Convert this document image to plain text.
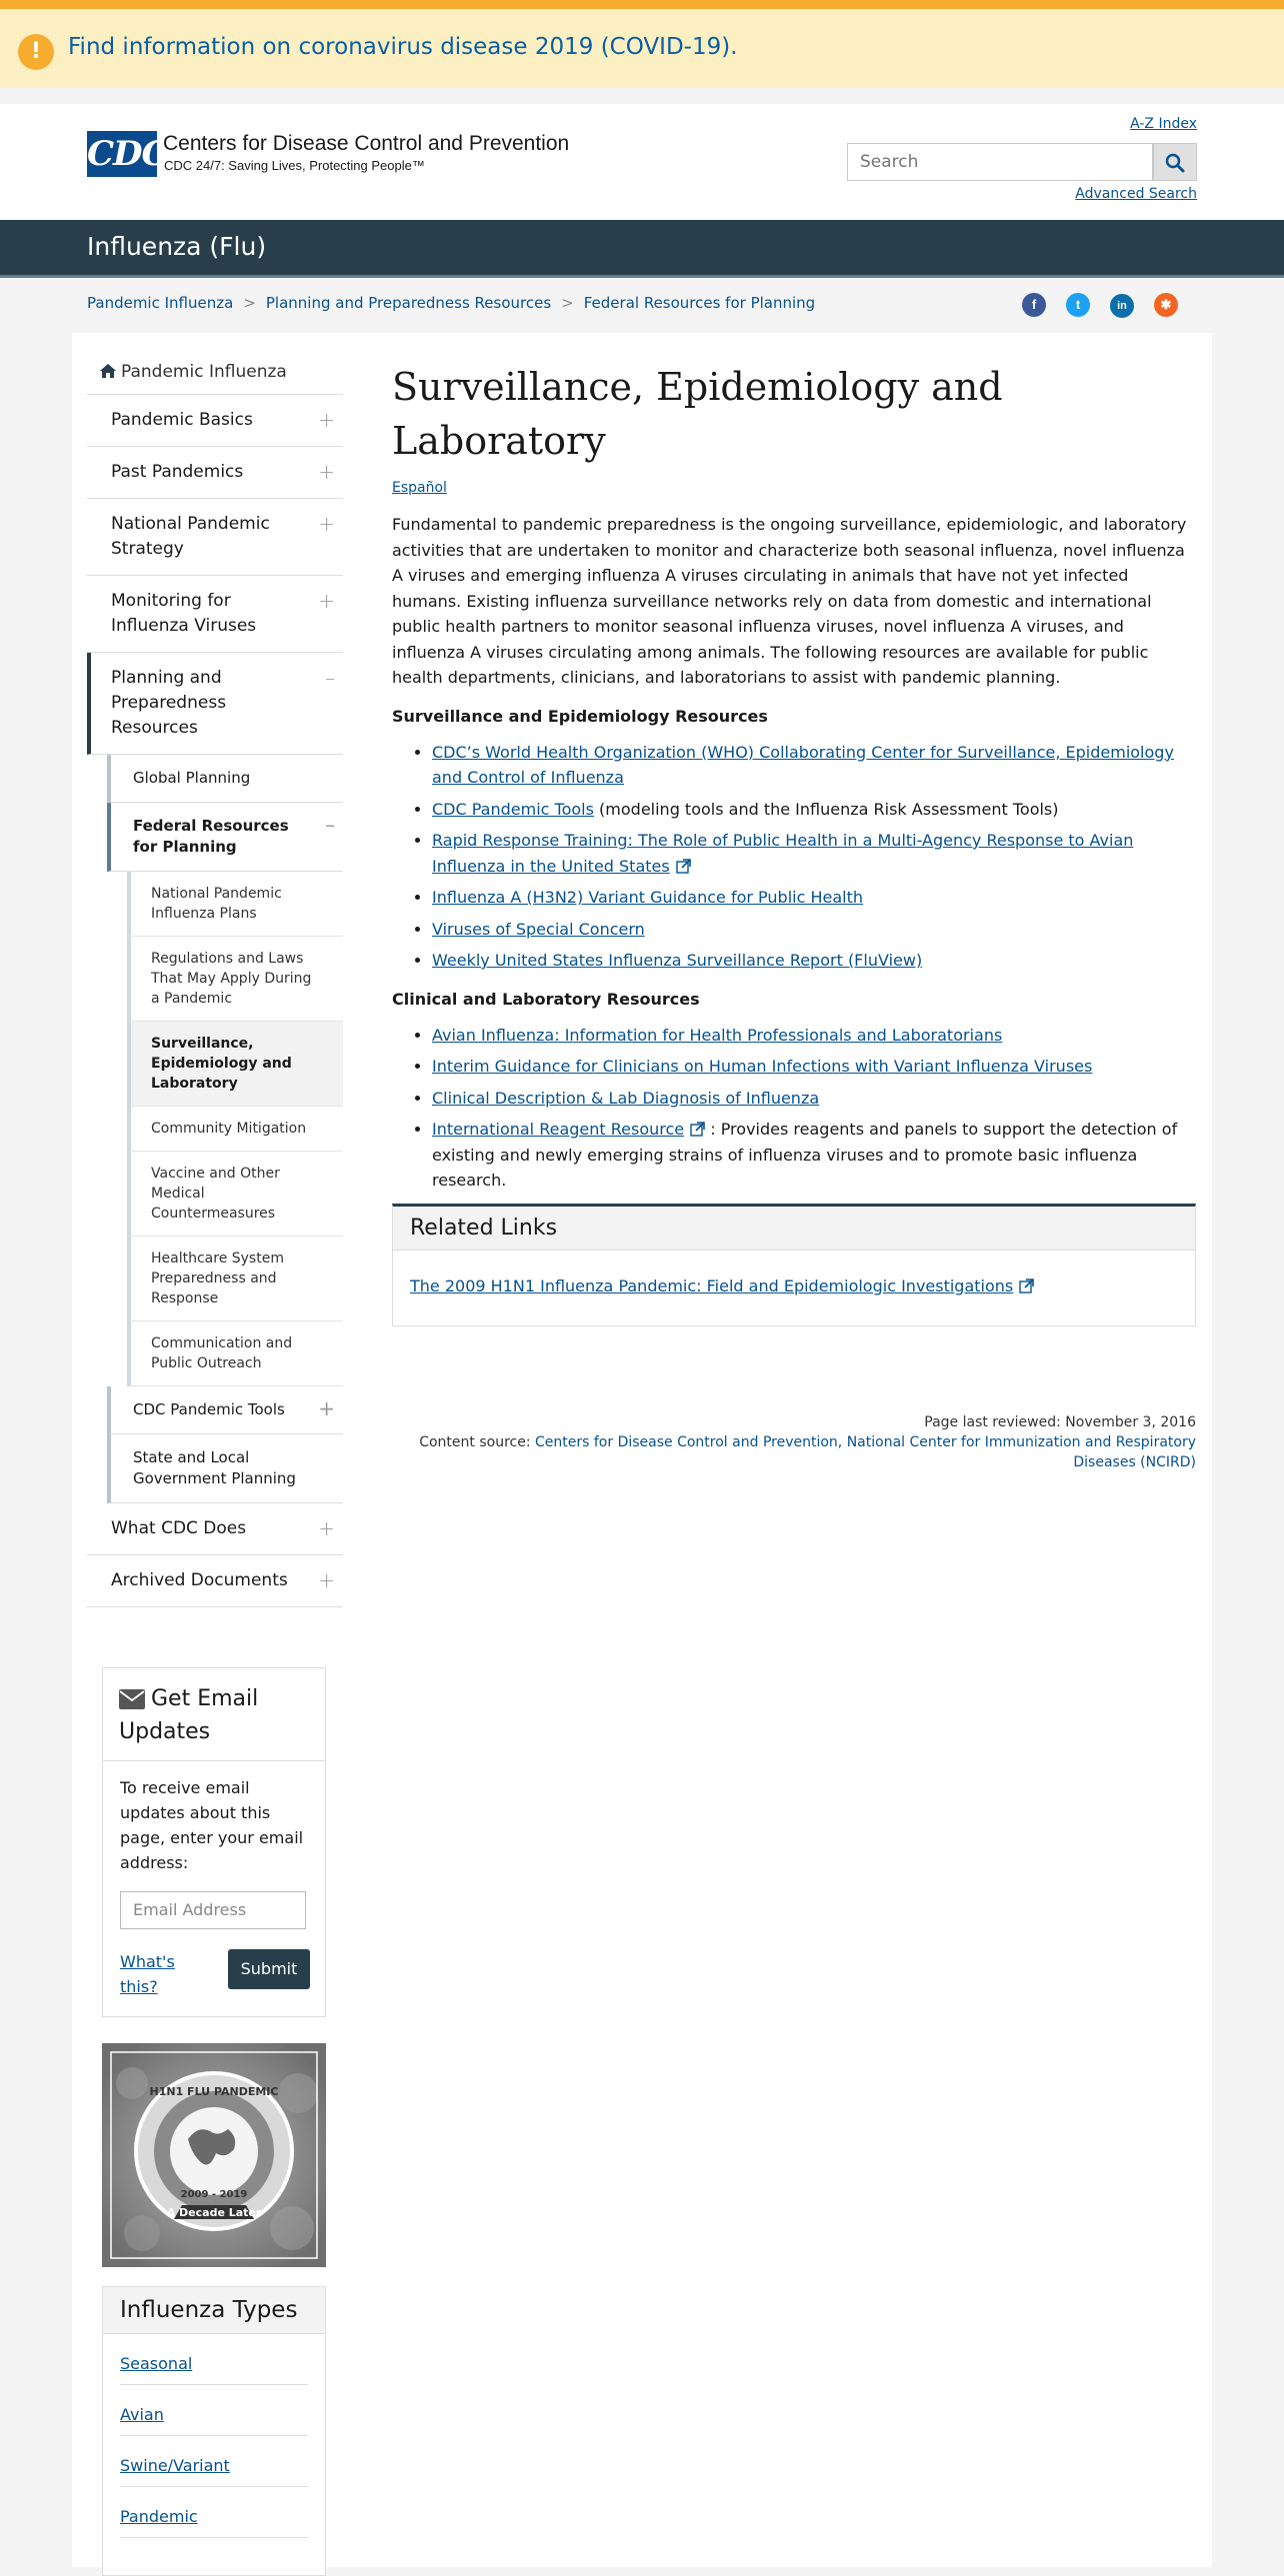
!	Find information on coronavirus disease 2019 (COVID-19).
CDC
Centers for Disease Control and Prevention
CDC 24/7: Saving Lives, Protecting People™
A-Z Index
Search
Advanced Search
Influenza (Flu)
Pandemic Influenza > Planning and Preparedness Resources > Federal Resources for Planning	f	t	in	✱
Pandemic Influenza
Pandemic Basics	+
Past Pandemics	+
National Pandemic Strategy
+
Monitoring for Influenza Viruses
+
Planning and Preparedness Resources
–
Global Planning
Federal Resources for Planning
–
National Pandemic Influenza Plans
Regulations and Laws That May Apply During a Pandemic
Surveillance, Epidemiology and Laboratory
Community Mitigation
Vaccine and Other Medical Countermeasures
Healthcare System Preparedness and Response
Communication and Public Outreach
CDC Pandemic Tools +
State and Local Government Planning
What CDC Does	+
Archived Documents +
Get Email Updates
To receive email updates about this page, enter your email address:
Email Address
What's this?
Submit
A Decade Later
2009 - 2019
H1N1 FLU PANDEMIC
Influenza Types
Seasonal
Avian
Swine/Variant
Pandemic
Surveillance, Epidemiology and Laboratory
Español

Fundamental to pandemic preparedness is the ongoing surveillance, epidemiologic, and laboratory activities that are undertaken to monitor and characterize both seasonal influenza, novel influenza A viruses and emerging influenza A viruses circulating in animals that have not yet infected humans. Existing influenza surveillance networks rely on data from domestic and international public health partners to monitor seasonal influenza viruses, novel influenza A viruses, and influenza A viruses circulating among animals. The following resources are available for public health departments, clinicians, and laboratorians to assist with pandemic planning.

Surveillance and Epidemiology Resources
• CDC’s World Health Organization (WHO) Collaborating Center for Surveillance, Epidemiology and Control of Influenza
• CDC Pandemic Tools (modeling tools and the Influenza Risk Assessment Tools)
• Rapid Response Training: The Role of Public Health in a Multi-Agency Response to Avian Influenza in the United States
• Influenza A (H3N2) Variant Guidance for Public Health
• Viruses of Special Concern
• Weekly United States Influenza Surveillance Report (FluView)
Clinical and Laboratory Resources
• Avian Influenza: Information for Health Professionals and Laboratorians
• Interim Guidance for Clinicians on Human Infections with Variant Influenza Viruses
• Clinical Description & Lab Diagnosis of Influenza
• International Reagent Resource : Provides reagents and panels to support the detection of existing and newly emerging strains of influenza viruses and to promote basic influenza research.
Related Links
The 2009 H1N1 Influenza Pandemic: Field and Epidemiologic Investigations
Page last reviewed: November 3, 2016
Content source: Centers for Disease Control and Prevention, National Center for Immunization and Respiratory Diseases (NCIRD)
